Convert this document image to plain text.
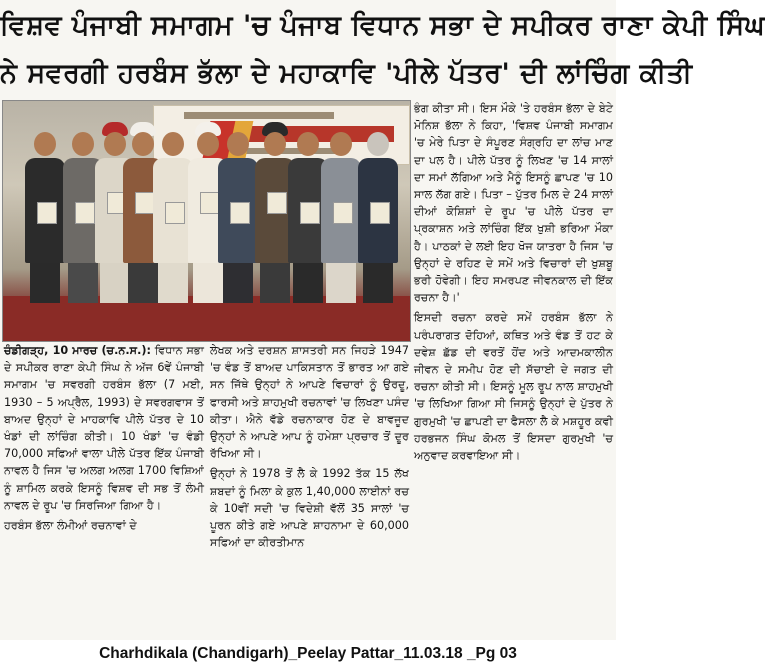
ਵਿਸ਼ਵ ਪੰਜਾਬੀ ਸਮਾਗਮ 'ਚ ਪੰਜਾਬ ਵਿਧਾਨ ਸਭਾ ਦੇ ਸਪੀਕਰ ਰਾਣਾ ਕੇਪੀ ਸਿੰਘ
ਨੇ ਸਵਰਗੀ ਹਰਬੰਸ ਭੱਲਾ ਦੇ ਮਹਾਕਾਵਿ 'ਪੀਲੇ ਪੱਤਰ' ਦੀ ਲਾਂਚਿੰਗ ਕੀਤੀ

ਚੰਡੀਗੜ੍ਹ, 10 ਮਾਰਚ (ਚ.ਨ.ਸ.): ਵਿਧਾਨ ਸਭਾ ਦੇ ਸਪੀਕਰ ਰਾਣਾ ਕੇਪੀ ਸਿੰਘ ਨੇ ਅੱਜ 6ਵੇਂ ਪੰਜਾਬੀ ਸਮਾਗਮ 'ਚ ਸਵਰਗੀ ਹਰਬੰਸ ਭੱਲਾ (7 ਮਈ, 1930 – 5 ਅਪ੍ਰੈਲ, 1993) ਦੇ ਸਵਰਗਵਾਸ ਤੋਂ ਬਾਅਦ ਉਨ੍ਹਾਂ ਦੇ ਮਾਹਕਾਵਿ ਪੀਲੇ ਪੱਤਰ ਦੇ 10 ਖੰਡਾਂ ਦੀ ਲਾਂਚਿੰਗ ਕੀਤੀ। 10 ਖੰਡਾਂ 'ਚ ਵੰਡੀ 70,000 ਸਫਿਆਂ ਵਾਲਾ ਪੀਲੇ ਪੱਤਰ ਇੱਕ ਪੰਜਾਬੀ ਨਾਵਲ ਹੈ ਜਿਸ 'ਚ ਅਲਗ ਅਲਗ 1700 ਵਿਸ਼ਿਆਂ ਨੂੰ ਸ਼ਾਮਿਲ ਕਰਕੇ ਇਸਨੂੰ ਵਿਸ਼ਵ ਦੀ ਸਭ ਤੋਂ ਲੰਮੀ ਨਾਵਲ ਦੇ ਰੂਪ 'ਚ ਸਿਰਜਿਆ ਗਿਆ ਹੈ।

ਹਰਬੰਸ ਭੱਲਾ ਲੰਮੀਆਂ ਰਚਨਾਵਾਂ ਦੇ

ਲੇਖਕ ਅਤੇ ਦਰਸ਼ਨ ਸ਼ਾਸਤਰੀ ਸਨ ਜਿਹੜੇ 1947 'ਚ ਵੰਡ ਤੋਂ ਬਾਅਦ ਪਾਕਿਸਤਾਨ ਤੋਂ ਭਾਰਤ ਆ ਗਏ ਸਨ ਜਿੱਥੇ ਉਨ੍ਹਾਂ ਨੇ ਆਪਣੇ ਵਿਚਾਰਾਂ ਨੂੰ ਉਰਦੂ, ਫਾਰਸੀ ਅਤੇ ਸ਼ਾਹਮੁਖੀ ਰਚਨਾਵਾਂ 'ਚ ਲਿਖਣਾ ਪਸੰਦ ਕੀਤਾ। ਐਨੇ ਵੱਡੇ ਰਚਨਾਕਾਰ ਹੋਣ ਦੇ ਬਾਵਜੂਦ ਉਨ੍ਹਾਂ ਨੇ ਆਪਣੇ ਆਪ ਨੂੰ ਹਮੇਸ਼ਾ ਪ੍ਰਚਾਰ ਤੋਂ ਦੂਰ ਰੱਖਿਆ ਸੀ।

ਉਨ੍ਹਾਂ ਨੇ 1978 ਤੋਂ ਲੈ ਕੇ 1992 ਤੱਕ 15 ਲੱਖ ਸ਼ਬਦਾਂ ਨੂੰ ਮਿਲਾ ਕੇ ਕੁਲ 1,40,000 ਲਾਈਨਾਂ ਰਚ ਕੇ 10ਵੀਂ ਸਦੀ 'ਚ ਵਿਦੇਸ਼ੀ ਵੱਲੋਂ 35 ਸਾਲਾਂ 'ਚ ਪੂਰਨ ਕੀਤੇ ਗਏ ਆਪਣੇ ਸ਼ਾਹਨਾਮਾ ਦੇ 60,000 ਸਫਿਆਂ ਦਾ ਕੀਰਤੀਮਾਨ

ਭੰਗ ਕੀਤਾ ਸੀ। ਇਸ ਮੌਕੇ 'ਤੇ ਹਰਬੰਸ ਭੱਲਾ ਦੇ ਬੇਟੇ ਮੋਨਿਸ਼ ਭੱਲਾ ਨੇ ਕਿਹਾ, 'ਵਿਸ਼ਵ ਪੰਜਾਬੀ ਸਮਾਗਮ 'ਚ ਮੇਰੇ ਪਿਤਾ ਦੇ ਸੰਪੂਰਣ ਸੰਗ੍ਰਹਿ ਦਾ ਲਾਂਚ ਮਾਣ ਦਾ ਪਲ ਹੈ। ਪੀਲੇ ਪੱਤਰ ਨੂੰ ਲਿਖਣ 'ਚ 14 ਸਾਲਾਂ ਦਾ ਸਮਾਂ ਲੱਗਿਆ ਅਤੇ ਮੈਨੂੰ ਇਸਨੂੰ ਛਾਪਣ 'ਚ 10 ਸਾਲ ਲੱਗ ਗਏ। ਪਿਤਾ – ਪੁੱਤਰ ਮਿਲ ਦੇ 24 ਸਾਲਾਂ ਦੀਆਂ ਕੋਸ਼ਿਸ਼ਾਂ ਦੇ ਰੂਪ 'ਚ ਪੀਲੇ ਪੱਤਰ ਦਾ ਪ੍ਰਕਾਸ਼ਨ ਅਤੇ ਲਾਂਚਿੰਗ ਇੱਕ ਖੁਸ਼ੀ ਭਰਿਆ ਮੌਕਾ ਹੈ। ਪਾਠਕਾਂ ਦੇ ਲਈ ਇਹ ਖੋਜ ਯਾਤਰਾ ਹੈ ਜਿਸ 'ਚ ਉਨ੍ਹਾਂ ਦੇ ਰਹਿਣ ਦੇ ਸਮੇਂ ਅਤੇ ਵਿਚਾਰਾਂ ਦੀ ਖੁਸ਼ਬੂ ਭਰੀ ਹੋਵੇਗੀ। ਇਹ ਸਮਰਪਣ ਜੀਵਨਕਾਲ ਦੀ ਇੱਕ ਰਚਨਾ ਹੈ।'

ਇਸਦੀ ਰਚਨਾ ਕਰਦੇ ਸਮੇਂ ਹਰਬੰਸ ਭੱਲਾ ਨੇ ਪਰੰਪਰਾਗਤ ਦੋਹਿਆਂ, ਕਥਿਤ ਅਤੇ ਵੰਡ ਤੋਂ ਹਟ ਕੇ ਦਵੇਸ਼ ਛੱਡ ਦੀ ਵਰਤੋਂ ਹੋਂਦ ਅਤੇ ਆਦਮਕਾਲੀਨ ਜੀਵਨ ਦੇ ਸਮੀਪ ਹੋਣ ਦੀ ਸੱਚਾਈ ਦੇ ਜਗਤ ਦੀ ਰਚਨਾ ਕੀਤੀ ਸੀ। ਇਸਨੂੰ ਮੂਲ ਰੂਪ ਨਾਲ ਸ਼ਾਹਮੁਖੀ 'ਚ ਲਿਖਿਆ ਗਿਆ ਸੀ ਜਿਸਨੂੰ ਉਨ੍ਹਾਂ ਦੇ ਪੁੱਤਰ ਨੇ ਗੁਰਮੁਖੀ 'ਚ ਛਾਪਣੀ ਦਾ ਫੈਸਲਾ ਲੈ ਕੇ ਮਸ਼ਹੂਰ ਕਵੀ ਹਰਭਜਨ ਸਿੰਘ ਕੋਮਲ ਤੋਂ ਇਸਦਾ ਗੁਰਮੁਖੀ 'ਚ ਅਨੁਵਾਦ ਕਰਵਾਇਆ ਸੀ।

Charhdikala (Chandigarh)_Peelay Pattar_11.03.18 _Pg 03
